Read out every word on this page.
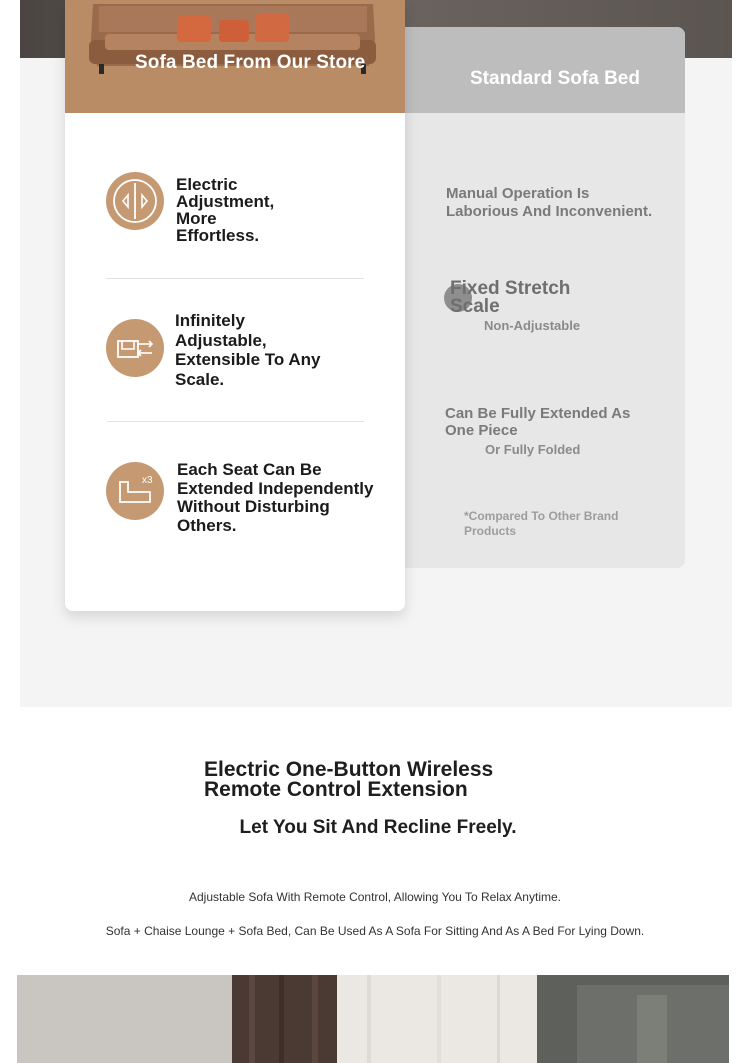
Standard Sofa Bed
Sofa Bed From Our Store
Electric Adjustment, More Effortless.
Infinitely Adjustable, Extensible To Any Scale.
x3
Each Seat Can Be Extended Independently Without Disturbing Others.
Manual Operation Is Laborious And Inconvenient.
Fixed Stretch Scale
Non-Adjustable
Can Be Fully Extended As One Piece
Or Fully Folded
*Compared To Other Brand Products
Electric One-Button Wireless Remote Control Extension
Let You Sit And Recline Freely.
Adjustable Sofa With Remote Control, Allowing You To Relax Anytime.
Sofa + Chaise Lounge + Sofa Bed, Can Be Used As A Sofa For Sitting And As A Bed For Lying Down.
